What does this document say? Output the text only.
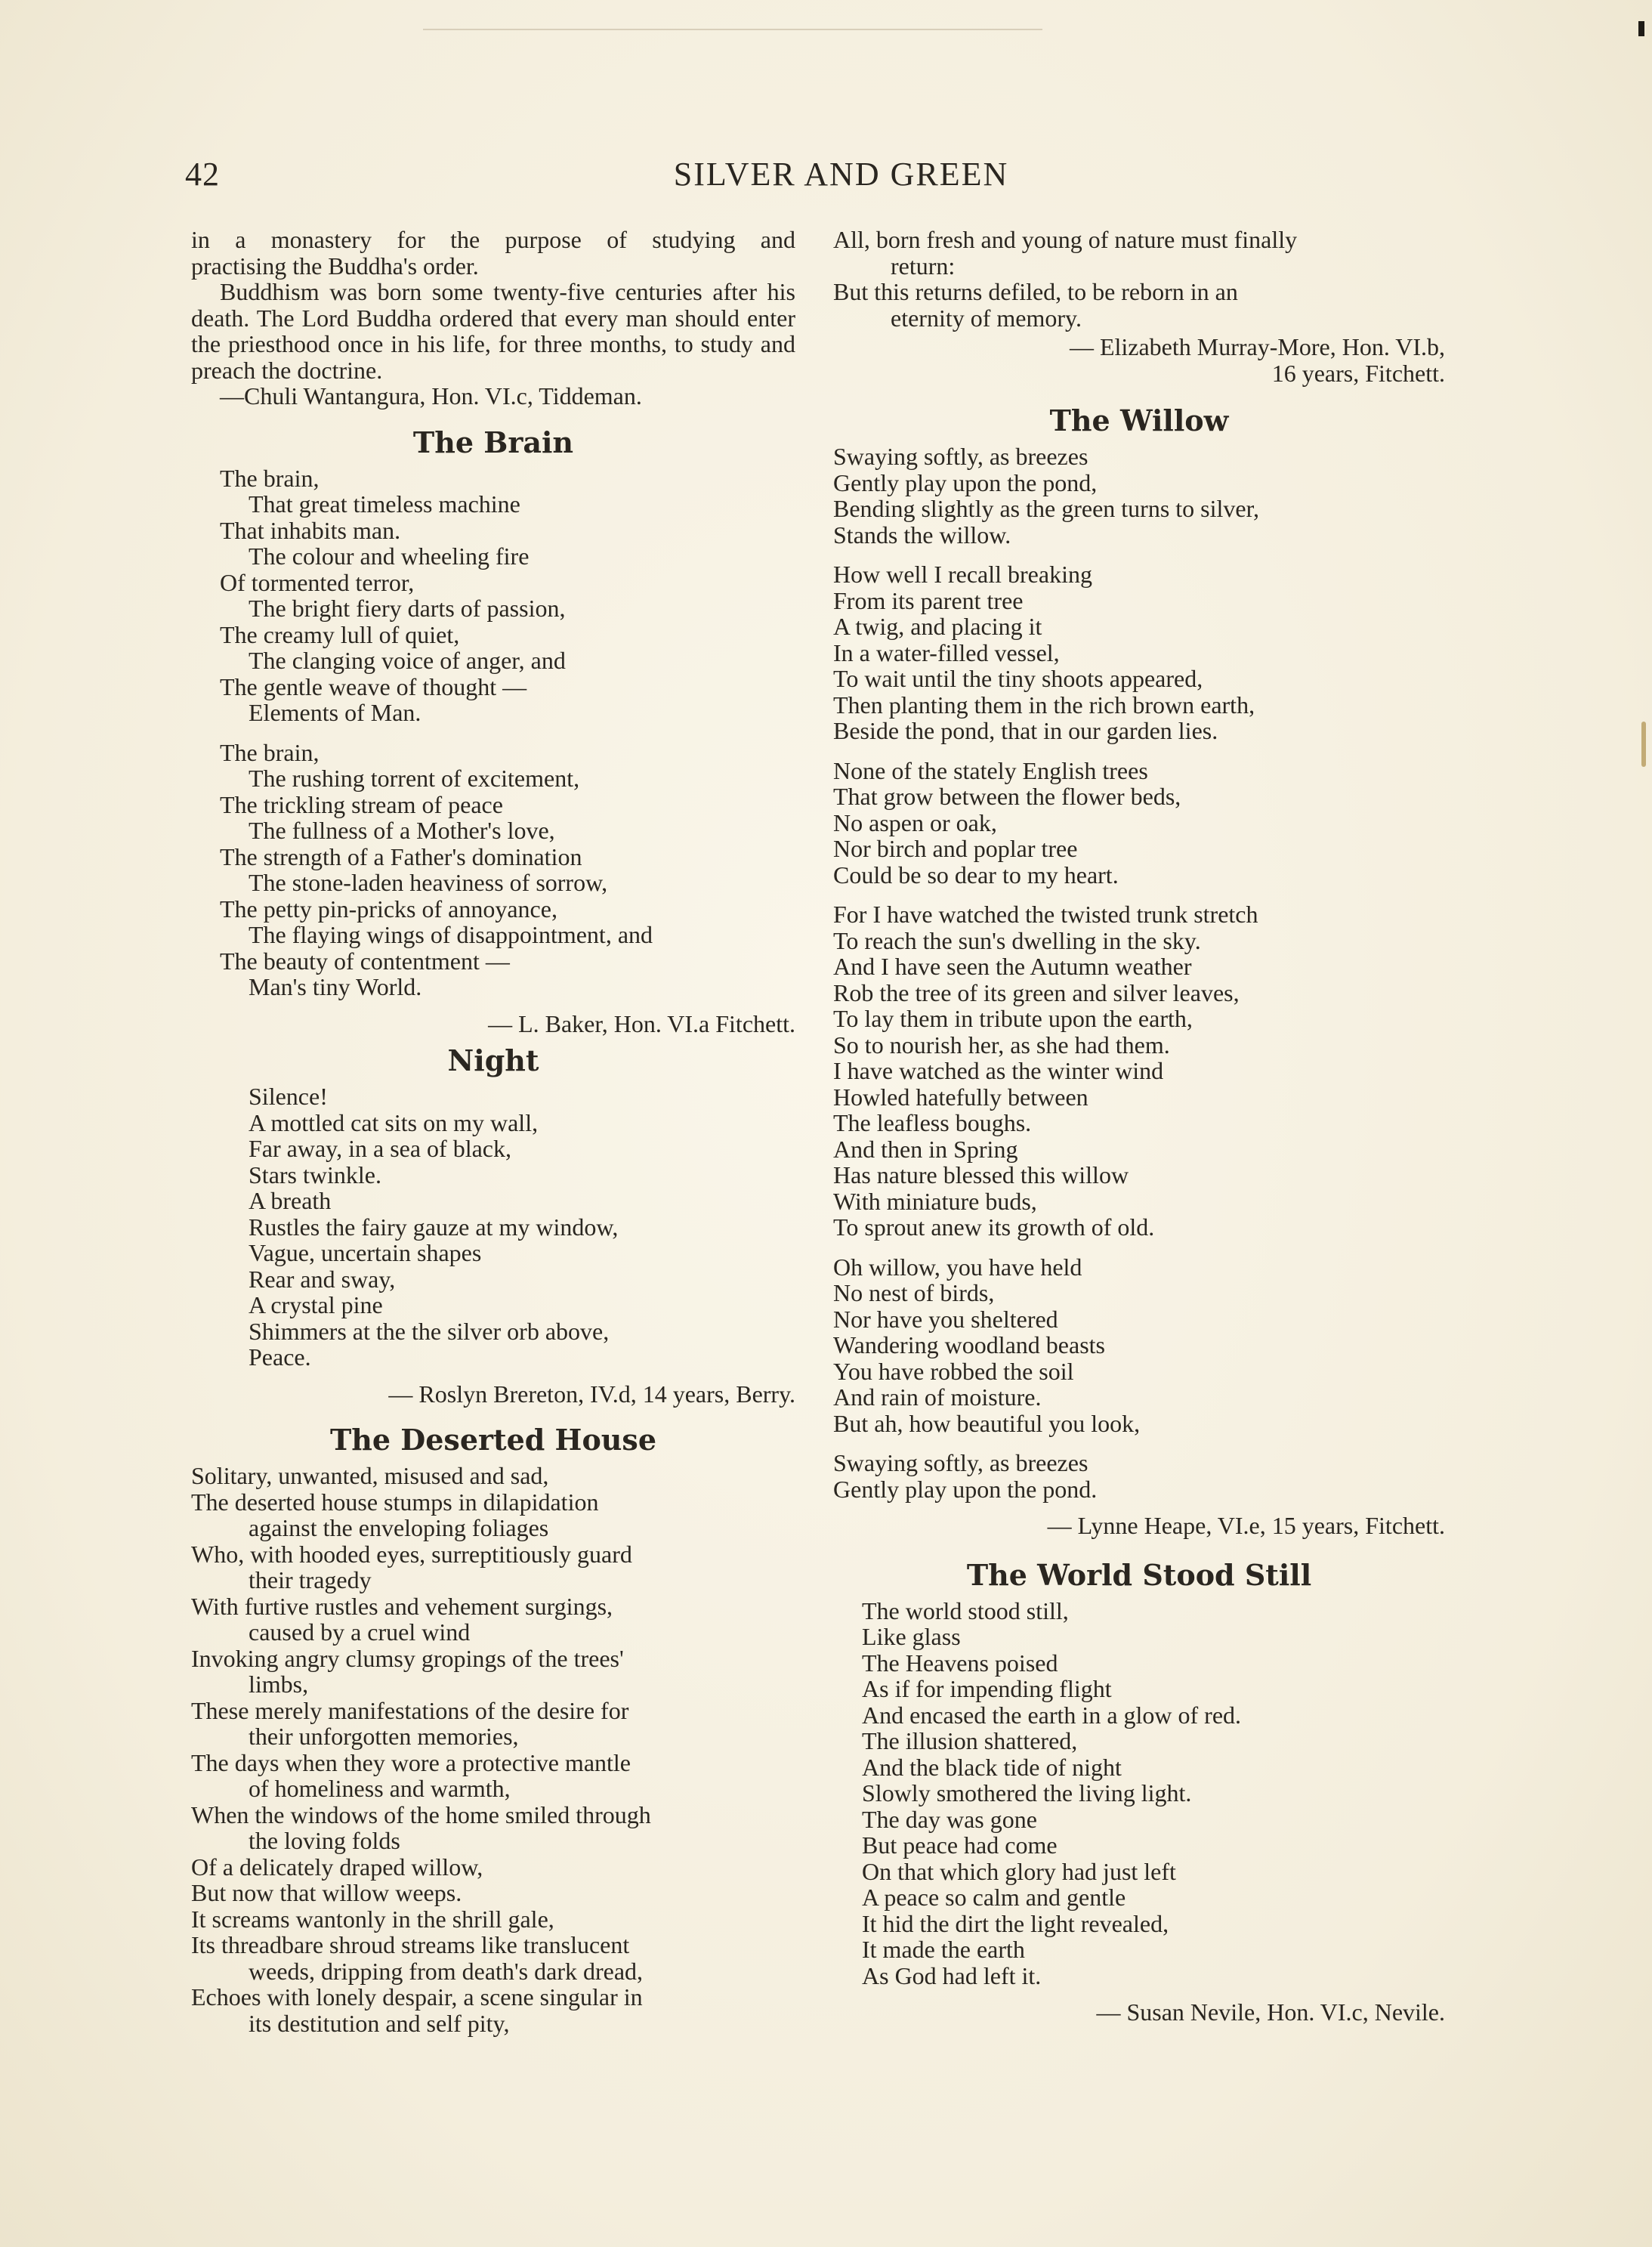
42	SILVER AND GREEN

in a monastery for the purpose of studying and

practising the Buddha's order.

Buddhism was born some twenty-five centuries after his death. The Lord Buddha ordered that every man should enter the priesthood once in his life, for three months, to study and preach the doctrine.

—Chuli Wantangura, Hon. VI.c, Tiddeman.
The Brain
The brain,
That great timeless machine
That inhabits man.
The colour and wheeling fire
Of tormented terror,
The bright fiery darts of passion,
The creamy lull of quiet,
The clanging voice of anger, and
The gentle weave of thought —
Elements of Man.
The brain,
The rushing torrent of excitement,
The trickling stream of peace
The fullness of a Mother's love,
The strength of a Father's domination
The stone-laden heaviness of sorrow,
The petty pin-pricks of annoyance,
The flaying wings of disappointment, and
The beauty of contentment —
Man's tiny World.
— L. Baker, Hon. VI.a Fitchett.
Night
Silence!
A mottled cat sits on my wall,
Far away, in a sea of black,
Stars twinkle.
A breath
Rustles the fairy gauze at my window,
Vague, uncertain shapes
Rear and sway,
A crystal pine
Shimmers at the the silver orb above,
Peace.
— Roslyn Brereton, IV.d, 14 years, Berry.
The Deserted House
Solitary, unwanted, misused and sad,
The deserted house stumps in dilapidation
against the enveloping foliages
Who, with hooded eyes, surreptitiously guard
their tragedy
With furtive rustles and vehement surgings,
caused by a cruel wind
Invoking angry clumsy gropings of the trees'
limbs,
These merely manifestations of the desire for
their unforgotten memories,
The days when they wore a protective mantle
of homeliness and warmth,
When the windows of the home smiled through
the loving folds
Of a delicately draped willow,
But now that willow weeps.
It screams wantonly in the shrill gale,
Its threadbare shroud streams like translucent
weeds, dripping from death's dark dread,
Echoes with lonely despair, a scene singular in
its destitution and self pity,
All, born fresh and young of nature must finally
return:
But this returns defiled, to be reborn in an
eternity of memory.
— Elizabeth Murray-More, Hon. VI.b,
16 years, Fitchett.
The Willow
Swaying softly, as breezes
Gently play upon the pond,
Bending slightly as the green turns to silver,
Stands the willow.
How well I recall breaking
From its parent tree
A twig, and placing it
In a water-filled vessel,
To wait until the tiny shoots appeared,
Then planting them in the rich brown earth,
Beside the pond, that in our garden lies.
None of the stately English trees
That grow between the flower beds,
No aspen or oak,
Nor birch and poplar tree
Could be so dear to my heart.
For I have watched the twisted trunk stretch
To reach the sun's dwelling in the sky.
And I have seen the Autumn weather
Rob the tree of its green and silver leaves,
To lay them in tribute upon the earth,
So to nourish her, as she had them.
I have watched as the winter wind
Howled hatefully between
The leafless boughs.
And then in Spring
Has nature blessed this willow
With miniature buds,
To sprout anew its growth of old.
Oh willow, you have held
No nest of birds,
Nor have you sheltered
Wandering woodland beasts
You have robbed the soil
And rain of moisture.
But ah, how beautiful you look,
Swaying softly, as breezes
Gently play upon the pond.
— Lynne Heape, VI.e, 15 years, Fitchett.
The World Stood Still
The world stood still,
Like glass
The Heavens poised
As if for impending flight
And encased the earth in a glow of red.
The illusion shattered,
And the black tide of night
Slowly smothered the living light.
The day was gone
But peace had come
On that which glory had just left
A peace so calm and gentle
It hid the dirt the light revealed,
It made the earth
As God had left it.
— Susan Nevile, Hon. VI.c, Nevile.
